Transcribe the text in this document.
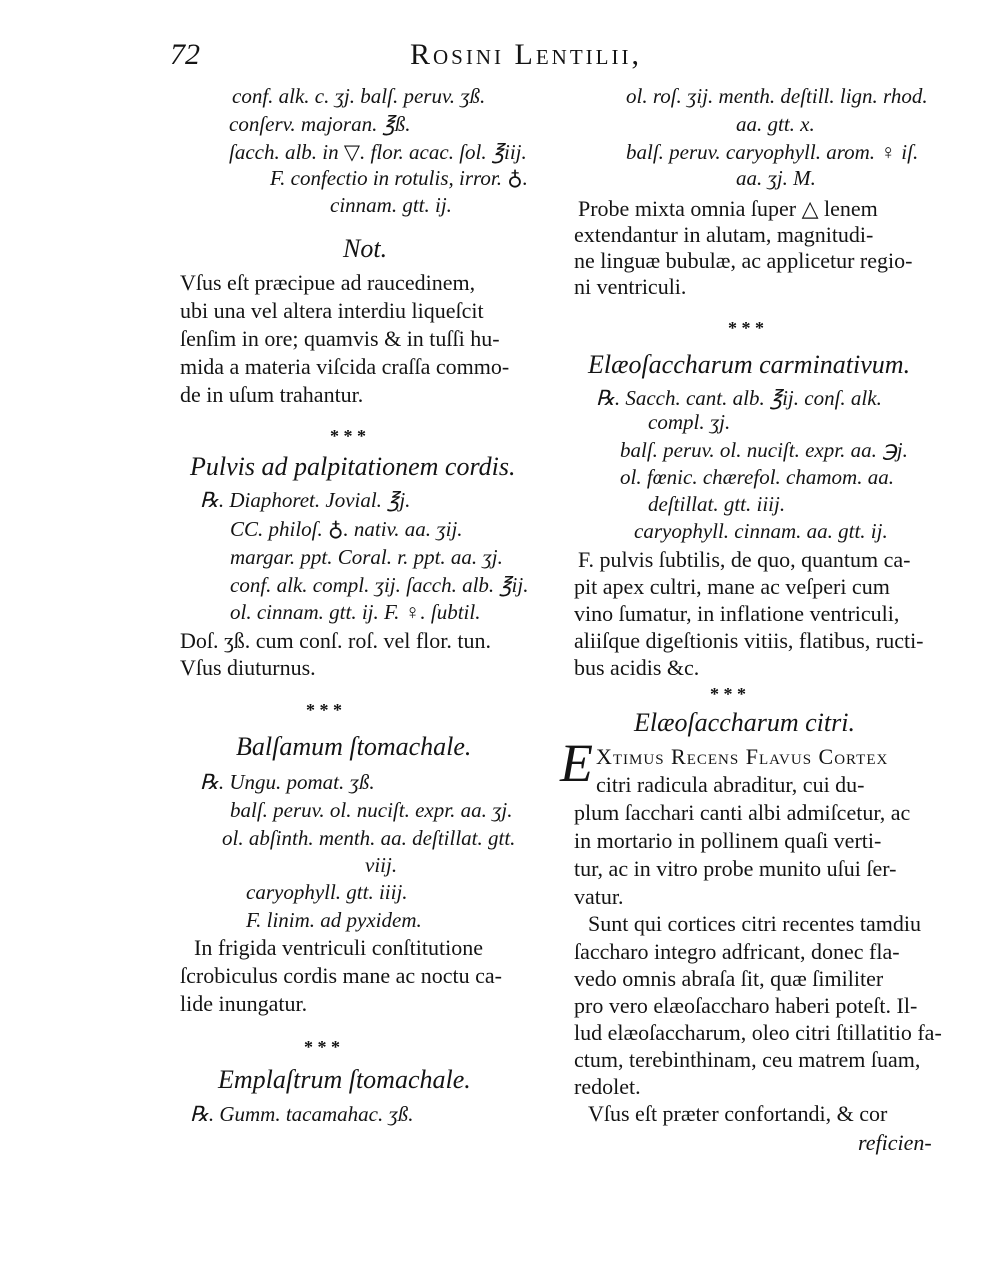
72	Rosini Lentilii,
conf. alk. c. ʒj. balſ. peruv. ʒß.
conſerv. majoran. ℥ß.
ſacch. alb. in ▽. flor. acac. ſol. ℥iij.
F. confectio in rotulis, irror. ♁.
cinnam. gtt. ij.
Not.
Vſus eſt præcipue ad raucedinem,
ubi una vel altera interdiu liqueſcit
ſenſim in ore; quamvis & in tuſſi hu-
mida a materia viſcida craſſa commo-
de in uſum trahantur.
* * *
Pulvis ad palpitationem cordis.
℞. Diaphoret. Jovial. ℥j.
CC. philoſ. ♁. nativ. aa. ʒij.
margar. ppt. Coral. r. ppt. aa. ʒj.
conf. alk. compl. ʒij. ſacch. alb. ℥ij.
ol. cinnam. gtt. ij. F. ♀. ſubtil.
Doſ. ʒß. cum conſ. roſ. vel flor. tun.
Vſus diuturnus.
* * *
Balſamum ſtomachale.
℞. Ungu. pomat. ʒß.
balſ. peruv. ol. nuciſt. expr. aa. ʒj.
ol. abſinth. menth. aa. deſtillat. gtt.
viij.
caryophyll. gtt. iiij.
F. linim. ad pyxidem.
In frigida ventriculi conſtitutione
ſcrobiculus cordis mane ac noctu ca-
lide inungatur.
* * *
Emplaſtrum ſtomachale.
℞. Gumm. tacamahac. ʒß.
ol. roſ. ʒij. menth. deſtill. lign. rhod.
aa. gtt. x.
balſ. peruv. caryophyll. arom. ♀ iſ.
aa. ʒj. M.
Probe mixta omnia ſuper △ lenem
extendantur in alutam, magnitudi-
ne linguæ bubulæ, ac applicetur regio-
ni ventriculi.
* * *
Elæoſaccharum carminativum.
℞. Sacch. cant. alb. ℥ij. conſ. alk.
compl. ʒj.
balſ. peruv. ol. nuciſt. expr. aa. ℈j.
ol. fœnic. chærefol. chamom. aa.
deſtillat. gtt. iiij.
caryophyll. cinnam. aa. gtt. ij.
F. pulvis ſubtilis, de quo, quantum ca-
pit apex cultri, mane ac veſperi cum
vino ſumatur, in inflatione ventriculi,
aliiſque digeſtionis vitiis, flatibus, ructi-
bus acidis &c.
* * *
Elæoſaccharum citri.
E Xtimus Recens Flavus Cortex
citri radicula abraditur, cui du-
plum ſacchari canti albi admiſcetur, ac
in mortario in pollinem quaſi verti-
tur, ac in vitro probe munito uſui ſer-
vatur.
Sunt qui cortices citri recentes tamdiu
ſaccharo integro adfricant, donec fla-
vedo omnis abraſa ſit, quæ ſimiliter
pro vero elæoſaccharo haberi poteſt. Il-
lud elæoſaccharum, oleo citri ſtillatitio fa-
ctum, terebinthinam, ceu matrem ſuam,
redolet.
Vſus eſt præter confortandi, & cor
reficien-
